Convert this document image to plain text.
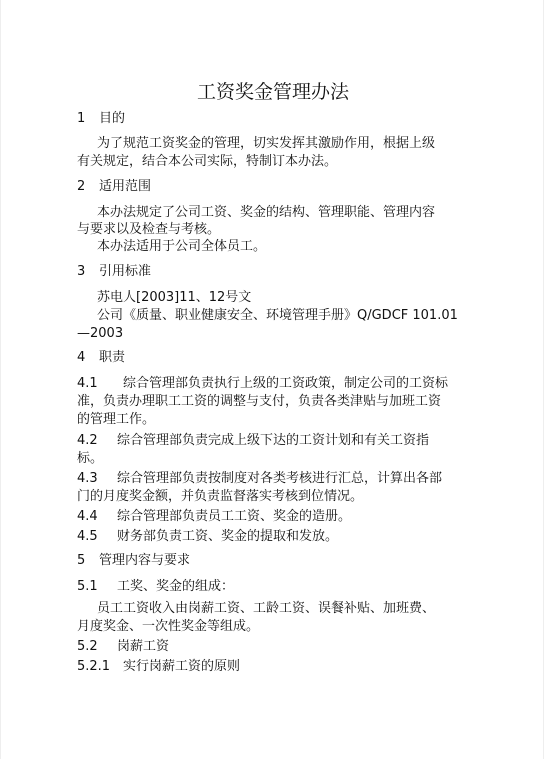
工资奖金管理办法
1 目的
为了规范工资奖金的管理，切实发挥其激励作用，根据上级
有关规定，结合本公司实际，特制订本办法。
2 适用范围
本办法规定了公司工资、奖金的结构、管理职能、管理内容
与要求以及检查与考核。
本办法适用于公司全体员工。
3 引用标准
苏电人[2003]11、12号文
公司《质量、职业健康安全、环境管理手册》Q/GDCF 101.01
—2003
4 职责
4.1 综合管理部负责执行上级的工资政策，制定公司的工资标
准，负责办理职工工资的调整与支付，负责各类津贴与加班工资
的管理工作。
4.2 综合管理部负责完成上级下达的工资计划和有关工资指
标。
4.3 综合管理部负责按制度对各类考核进行汇总，计算出各部
门的月度奖金额，并负责监督落实考核到位情况。
4.4 综合管理部负责员工工资、奖金的造册。
4.5 财务部负责工资、奖金的提取和发放。
5 管理内容与要求
5.1 工奖、奖金的组成：
员工工资收入由岗薪工资、工龄工资、误餐补贴、加班费、
月度奖金、一次性奖金等组成。
5.2 岗薪工资
5.2.1 实行岗薪工资的原则
